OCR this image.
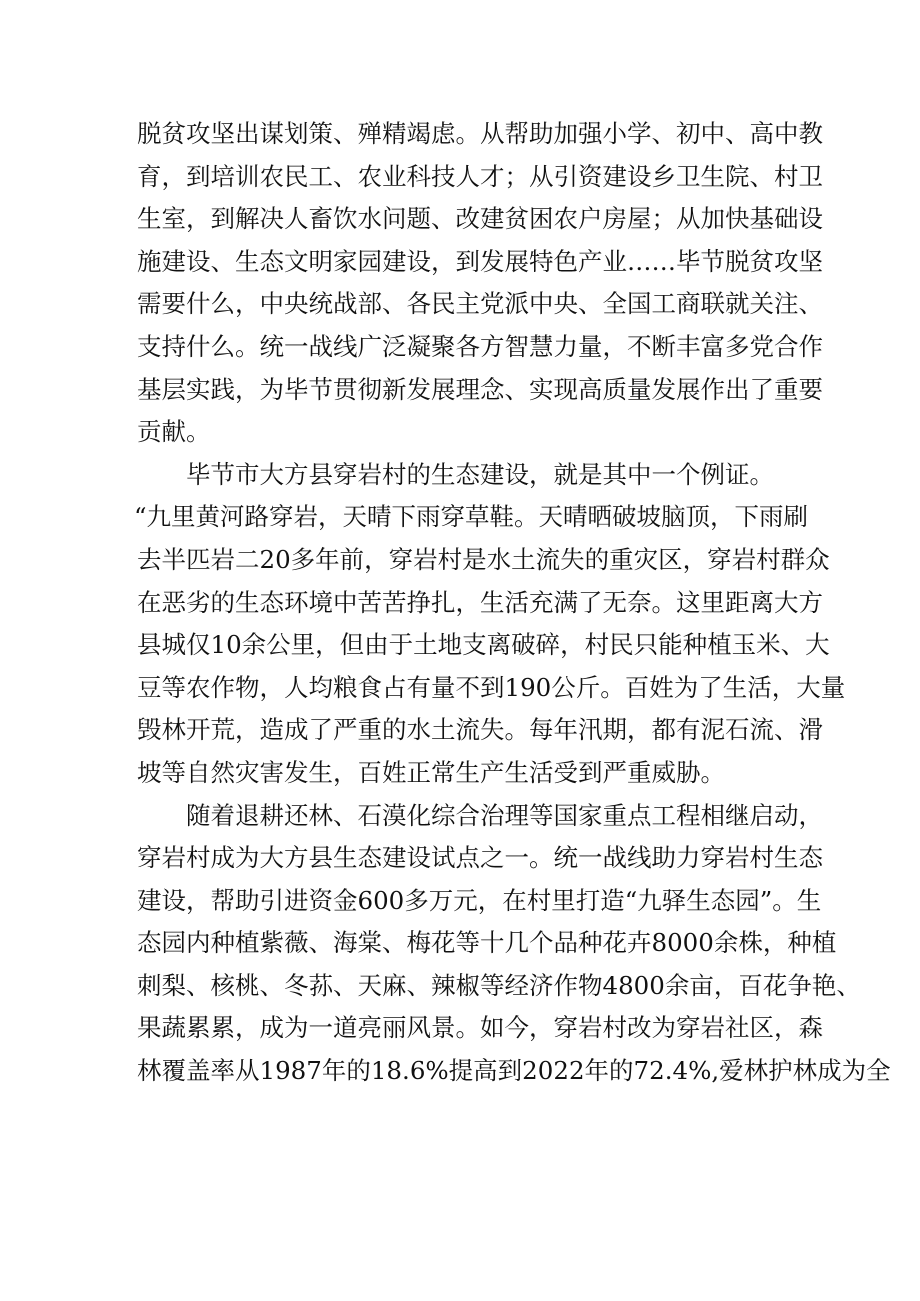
脱贫攻坚出谋划策、殚精竭虑。从帮助加强小学、初中、高中教
育，到培训农民工、农业科技人才；从引资建设乡卫生院、村卫
生室，到解决人畜饮水问题、改建贫困农户房屋；从加快基础设
施建设、生态文明家园建设，到发展特色产业……毕节脱贫攻坚
需要什么，中央统战部、各民主党派中央、全国工商联就关注、
支持什么。统一战线广泛凝聚各方智慧力量，不断丰富多党合作
基层实践，为毕节贯彻新发展理念、实现高质量发展作出了重要
贡献。
毕节市大方县穿岩村的生态建设，就是其中一个例证。
“九里黄河路穿岩，天晴下雨穿草鞋。天晴晒破坡脑顶，下雨刷
去半匹岩二20多年前，穿岩村是水土流失的重灾区，穿岩村群众
在恶劣的生态环境中苦苦挣扎，生活充满了无奈。这里距离大方
县城仅10余公里，但由于土地支离破碎，村民只能种植玉米、大
豆等农作物，人均粮食占有量不到190公斤。百姓为了生活，大量
毁林开荒，造成了严重的水土流失。每年汛期，都有泥石流、滑
坡等自然灾害发生，百姓正常生产生活受到严重威胁。
随着退耕还林、石漠化综合治理等国家重点工程相继启动，
穿岩村成为大方县生态建设试点之一。统一战线助力穿岩村生态
建设，帮助引进资金600多万元，在村里打造“九驿生态园”。生
态园内种植紫薇、海棠、梅花等十几个品种花卉8000余株，种植
刺梨、核桃、冬荪、天麻、辣椒等经济作物4800余亩，百花争艳、
果蔬累累，成为一道亮丽风景。如今，穿岩村改为穿岩社区，森
林覆盖率从1987年的18.6%提高到2022年的72.4%,爱林护林成为全
